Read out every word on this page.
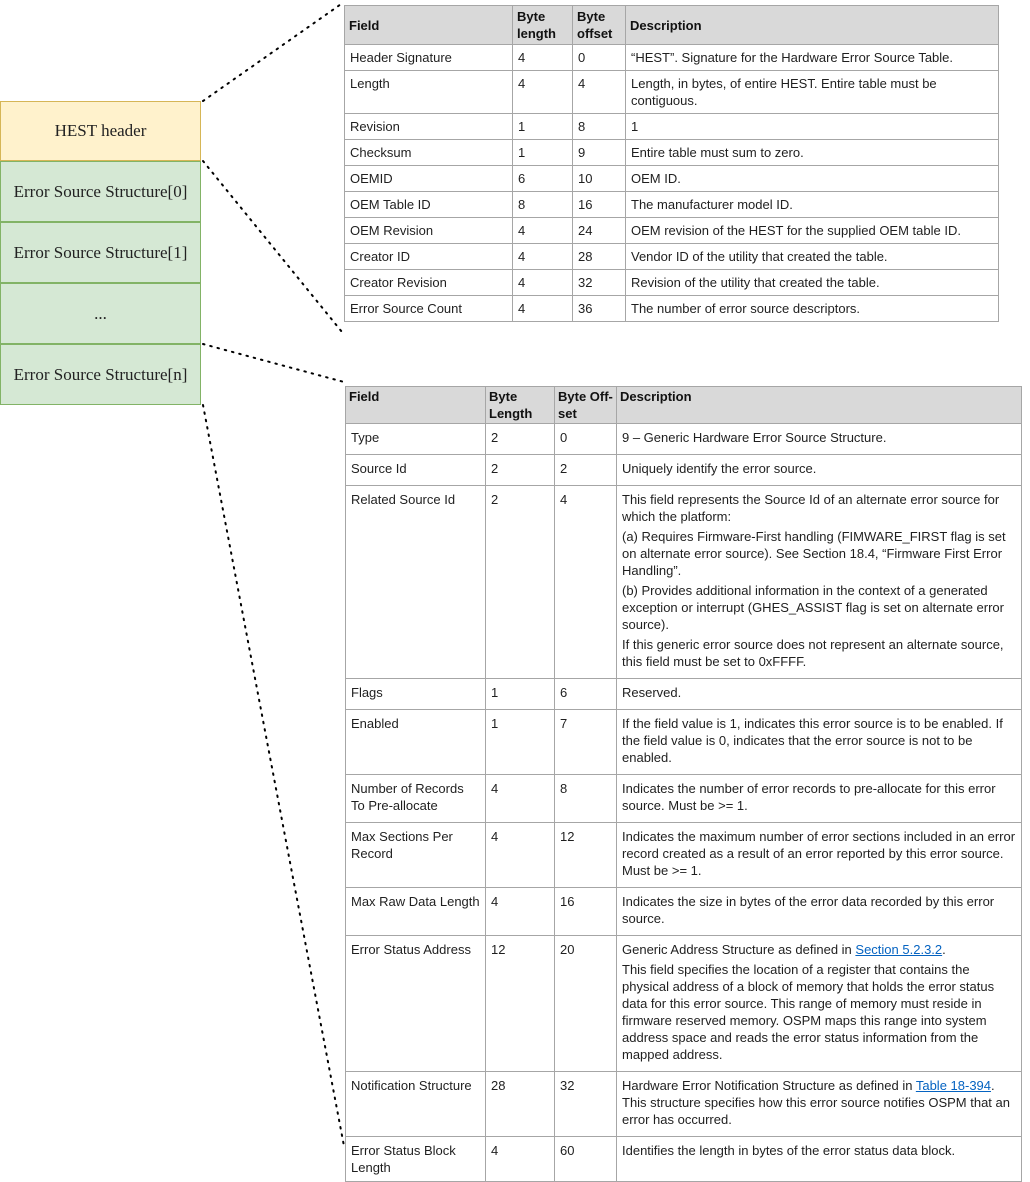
HEST header
Error Source Structure[0]
Error Source Structure[1]
...
Error Source Structure[n]
Field	Byte length	Byte offset	Description
Header Signature	4	0	“HEST”. Signature for the Hardware Error Source Table.
Length	4	4	Length, in bytes, of entire HEST. Entire table must be contiguous.
Revision	1	8	1
Checksum	1	9	Entire table must sum to zero.
OEMID	6	10	OEM ID.
OEM Table ID	8	16	The manufacturer model ID.
OEM Revision	4	24	OEM revision of the HEST for the supplied OEM table ID.
Creator ID	4	28	Vendor ID of the utility that created the table.
Creator Revision	4	32	Revision of the utility that created the table.
Error Source Count	4	36	The number of error source descriptors.
Field	Byte Length	Byte Off-set	Description
Type	2	0	9 – Generic Hardware Error Source Structure.

Source Id	2	2	Uniquely identify the error source.

Related Source Id	2	4	This field represents the Source Id of an alternate error source for which the platform:

(a) Requires Firmware-First handling (FIMWARE_FIRST flag is set on alternate error source). See Section 18.4, “Firmware First Error Handling”.

(b) Provides additional information in the context of a generated exception or interrupt (GHES_ASSIST flag is set on alternate error source).

If this generic error source does not represent an alternate source, this field must be set to 0xFFFF.

Flags	1	6	Reserved.

Enabled	1	7	If the field value is 1, indicates this error source is to be enabled. If the field value is 0, indicates that the error source is not to be enabled.

Number of Records To Pre-allocate	4	8	Indicates the number of error records to pre-allocate for this error source. Must be >= 1.

Max Sections Per Record	4	12	Indicates the maximum number of error sections included in an error record created as a result of an error reported by this error source. Must be >= 1.

Max Raw Data Length	4	16	Indicates the size in bytes of the error data recorded by this error source.

Error Status Address	12	20	Generic Address Structure as defined in Section 5.2.3.2.

This field specifies the location of a register that contains the physical address of a block of memory that holds the error status data for this error source. This range of memory must reside in firmware reserved memory. OSPM maps this range into system address space and reads the error status information from the mapped address.

Notification Structure	28	32	Hardware Error Notification Structure as defined in Table 18-394. This structure specifies how this error source notifies OSPM that an error has occurred.

Error Status Block Length	4	60	Identifies the length in bytes of the error status data block.
